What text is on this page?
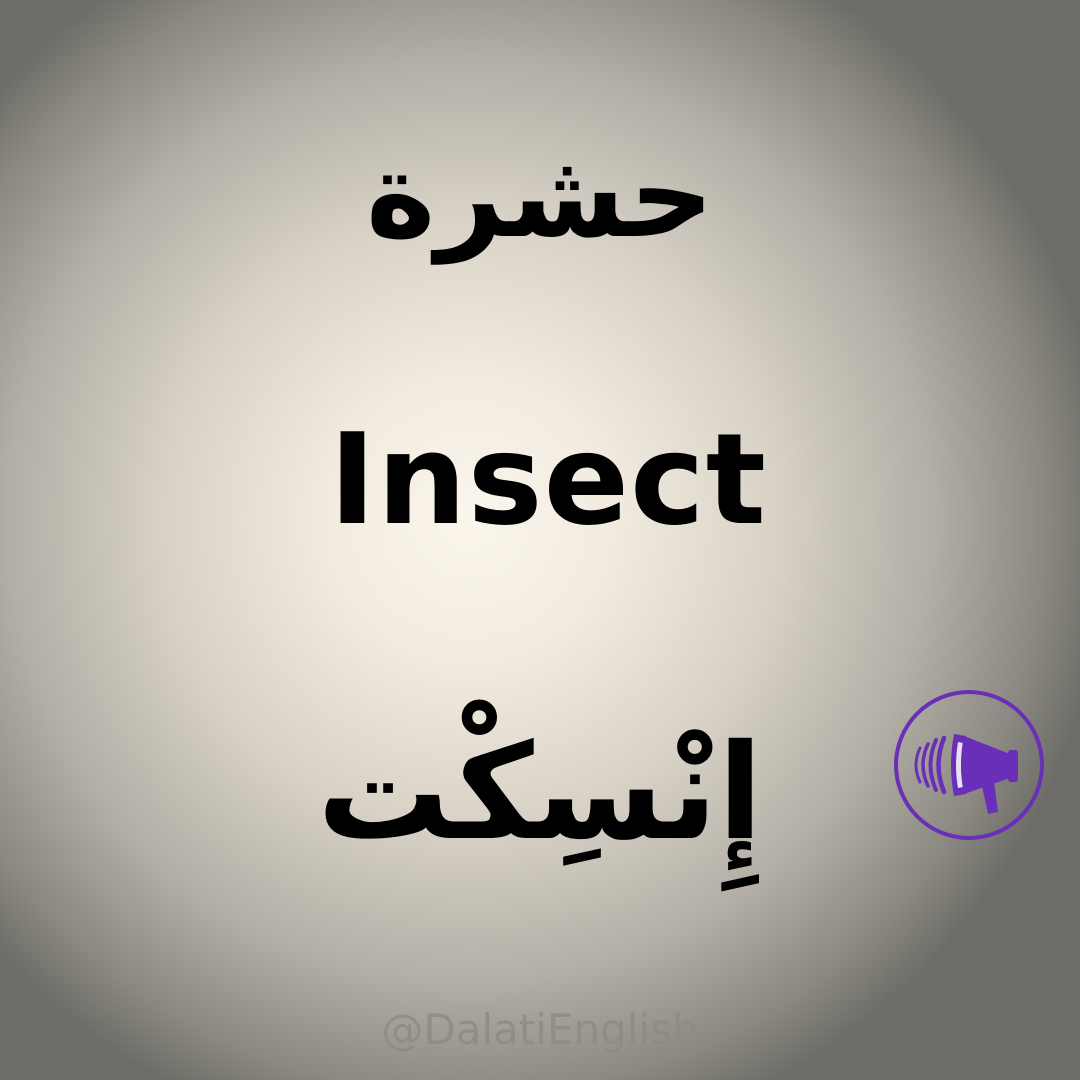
حشرة
Insect
إِنْسِكْت
@DalatiEnglish
